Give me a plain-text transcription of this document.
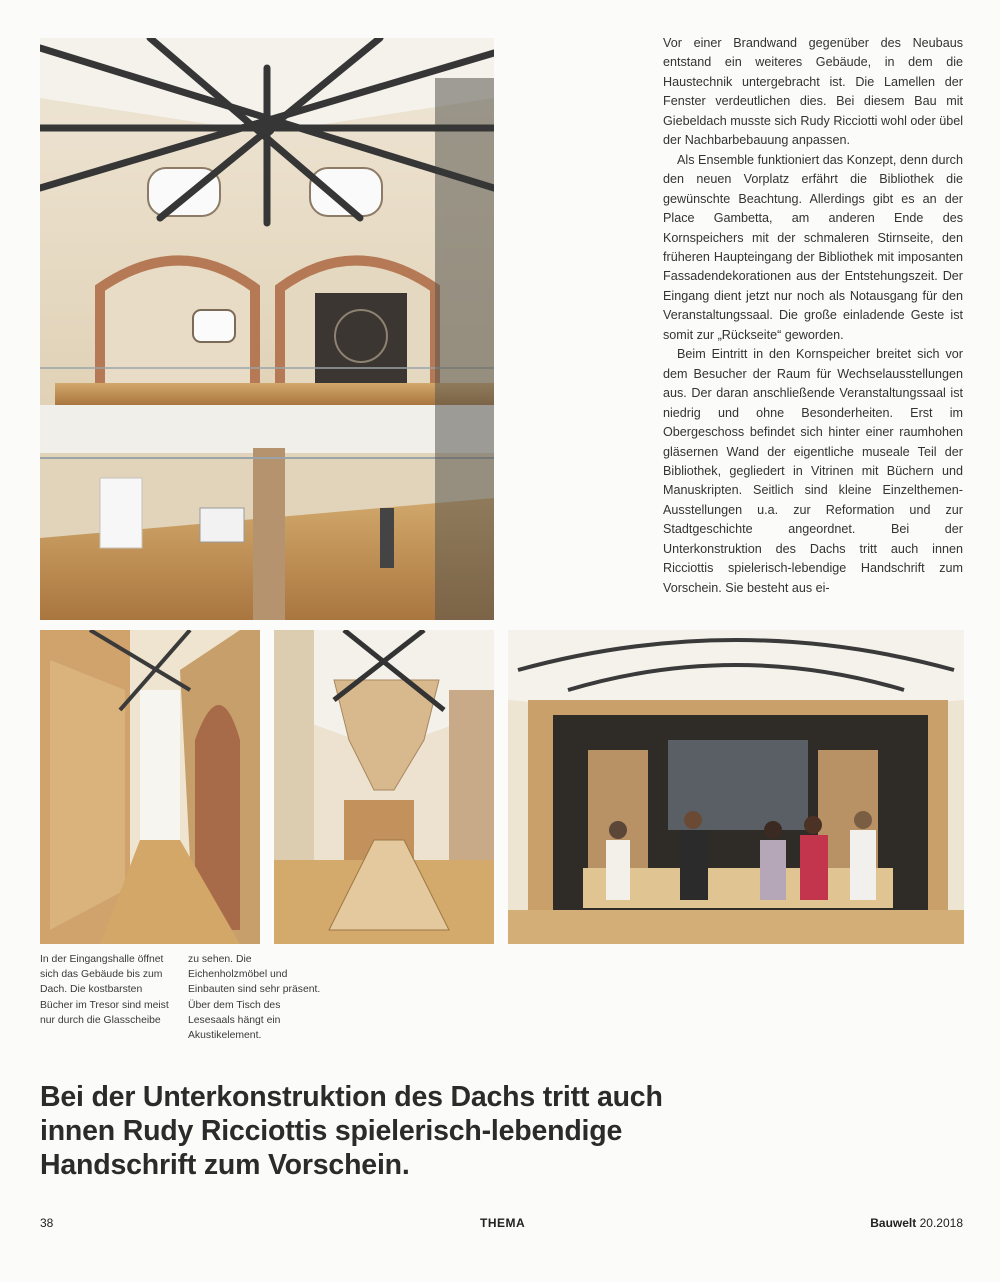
Vor einer Brandwand gegenüber des Neubaus entstand ein weiteres Gebäude, in dem die Haustechnik untergebracht ist. Die Lamellen der Fenster verdeutlichen dies. Bei diesem Bau mit Giebeldach musste sich Rudy Ricciotti wohl oder übel der Nachbarbebauung anpassen.

Als Ensemble funktioniert das Konzept, denn durch den neuen Vorplatz erfährt die Bibliothek die gewünschte Beachtung. Allerdings gibt es an der Place Gambetta, am anderen Ende des Kornspeichers mit der schmaleren Stirnseite, den früheren Haupteingang der Bibliothek mit imposanten Fassadendekorationen aus der Entstehungszeit. Der Eingang dient jetzt nur noch als Notausgang für den Veranstaltungssaal. Die große einladende Geste ist somit zur „Rückseite“ geworden.

Beim Eintritt in den Kornspeicher breitet sich vor dem Besucher der Raum für Wechselausstellungen aus. Der daran anschließende Veranstaltungssaal ist niedrig und ohne Besonderheiten. Erst im Obergeschoss befindet sich hinter einer raumhohen gläsernen Wand der eigentliche museale Teil der Bibliothek, gegliedert in Vitrinen mit Büchern und Manuskripten. Seitlich sind kleine Einzelthemen-Ausstellungen u.a. zur Reformation und zur Stadtgeschichte angeordnet. Bei der Unterkonstruktion des Dachs tritt auch innen Ricciottis spielerisch-lebendige Handschrift zum Vorschein. Sie besteht aus ei-

In der Eingangshalle öffnet sich das Gebäude bis zum Dach. Die kostbarsten Bücher im Tresor sind meist nur durch die Glasscheibe
zu sehen. Die Eichenholzmöbel und Einbauten sind sehr präsent. Über dem Tisch des Lesesaals hängt ein Akustikelement.
Bei der Unterkonstruktion des Dachs tritt auch innen Rudy Ricciottis spielerisch-lebendige Handschrift zum Vorschein.
38	THEMA	Bauwelt 20.2018
